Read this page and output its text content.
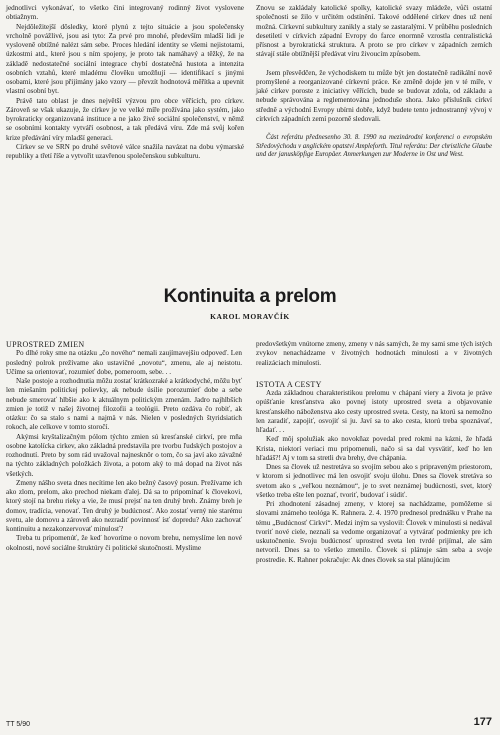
jednotlivci vykonávať, to všetko čini integrovaný rodinný život vyslovene obtiažnym.

Nejdôležitejší dôsledky, ktoré plynú z tejto situácie a jsou společensky vrcholně povážlivé, jsou asi tyto: Za prvé pro mnohé, především mladší lidi je vysloveně obtížné nalézt sám sebe. Proces hledání identity se všemi nejistotami, úzkostmi atd., které jsou s ním spojeny, je proto tak namáhavý a těžký, že na základě nedostatečné sociální integrace chybí dostatečná hustota a intenzita osobních vztahů, které mladému člověku umožňují — identifikací s jinými osobami, které jsou přijímány jako vzory — převzít hodnotová měřítka a upevnit vlastní osobní byt.

Právě tato oblast je dnes největší výzvou pro obce věřících, pro církev. Zároveň se však ukazuje, že církev je ve velké míře prožívána jako systém, jako byrokraticky organizovaná instituce a ne jako živé sociální společenství, v němž se osobními kontakty vytváří osobnost, a tak předává víru. Zde má svůj kořen krize předávání víry mladší generaci.

Církev se ve SRN po druhé světové válce snažila navázat na dobu výmarské republiky a třetí říše a vytvořit uzavřenou společenskou subkulturu.

Znovu se zakládaly katolické spolky, katolické svazy mládeže, vůči ostatní společnosti se žilo v určitém odstínění. Takové oddělené církev dnes už není možná. Církevní subkultury zanikly a staly se zastaralými. V průběhu posledních desetiletí v církvích západní Evropy do farce enormně vzrostla centralistická přísnost a byrokratická struktura. A proto se pro církev v západních zemích stávají stále obtížnější předávat víru živoucím způsobem.

Jsem přesvědčen, že východiskem tu může být jen dostatečně radikální nově promyšlené a reorganizované církevní práce. Ke změně dojde jen v té míře, v jaké církev poroste z iniciativy věřících, bude se budovat zdola, od základu a nebude správována a reglementována jednoduše shora. Jako příslušník církví středně a východní Evropy ubírni dobře, když budete tento jednostranný vývoj v církvích západních zemí pozorně sledovali.

Část referátu přednesenho 30. 8. 1990 na mezinárodní konferenci o evropském Středovýchodu v anglickém opatství Ampleforth. Titul referátu: Der christliche Glaube und der janusköpfige Europäer. Anmerkungen zur Moderne in Ost und West.

Kontinuita a prelom
KAROL MORAVČÍK

UPROSTRED ZMIEN

Po dlhé roky sme na otázku „čo nového“ nemali zaujímavejšiu odpoveď. Len posledný polrok prežívame ako ustavičné „novotu“, zmenu, ale aj neistotu. Učíme sa orientovať, rozumieť dobe, pomeroom, sebe. . .

Naše postoje a rozhodnutia môžu zostať krátkozraké a krátkodyché, môžu byť len miešaním politickej polievky, ak nebude úsilie porozumieť dobe a sebe nebude smerovať hlbšie ako k aktuálnym politickým zmenám. Jadro najhlbších zmien je totiž v našej životnej filozofii a teológii. Preto ozdáva čo robiť, ak otázku: čo sa stalo s nami a najmä v nás. Nielen v posledných štyridsiatich rokoch, ale celkove v tomto storočí.

Akýmsi kryštalizačným pólom týchto zmien sú kresťanské cirkví, pre mňa osobne katolícka cirkev, ako základná predstavila pre tvorbu ľudských postojov a rozhodnutí. Preto by som rád uvažoval najnesknôr o tom, čo sa javí ako závažné na týchto základných položkách života, a potom aký to má dopad na život nás všetkých.

Zmeny nášho sveta dnes necítime len ako bežný časový posun. Prežívame ich ako zlom, prelom, ako prechod niekam ďalej. Dá sa to pripomínať k človekovi, ktorý stojí na brehu rieky a vie, že musí prejsť na ten druhý breh. Známy breh je domov, tradícia, venovať. Ten druhý je budúcnosť. Ako zostať verný nie starému svetu, ale domovu a zároveň ako nezradiť povinnosť ísť dopredu? Ako zachovať kontinuitu a nezakonzervovať minulosť?

Treba tu pripomenúť, že keď hovoríme o novom brehu, nemyslíme len nové okolnosti, nové sociálne štruktúry či politické skutočnosti. Myslíme

predovšetkým vnútorne zmeny, zmeny v nás samých, že my sami sme tých istých zvykov nenachádzame v životných hodnotách minulosti a v životných realizáciach minulosti.

ISTOTA A CESTY

Azda základnou charakteristikou prelomu v chápaní viery a života je práve opúšťanie kresťanstva ako povnej istoty uprostred sveta a objavovanie kresťanského náboženstva ako cesty uprostred sveta. Cesty, na ktorú sa nemožno len zaradiť, zapojiť, osvojiť si ju. Javí sa to ako cesta, ktorú treba spoznávať, hľadať. . .

Keď môj spolužiak ako novokňaz povedal pred rokmi na kázni, že hľadá Krista, niektorí veriaci mu pripomenuli, načo si sa dal vysvätiť, keď ho len hľadáš?! Aj v tom sa stretli dva brehy, dve chápania.

Dnes sa človek už nestretáva so svojím sebou ako s pripraveným priestorom, v ktorom si jednotlivec má len osvojiť svoju úlohu. Dnes sa človek stretáva so svetom ako s „veľkou neznámou“, je to svet neznámej budúcnosti, svet, ktorý všetko treba ešte len poznať, tvoriť, budovať i súdiť.

Pri zhodnotení zásadnej zmeny, v ktorej sa nachádzame, pomôžeme si slovami známeho teológa K. Rahnera. 2. 4. 1970 prednesol prednášku v Prahe na tému „Budúcnosť Cirkví“. Medzi iným sa vyslovil: Človek v minulosti si nedával tvoriť nové ciele, neznalí sa vedome organizovať a vytvárať podmienky pre ich uskutočnenie. Svoju budúcnosť uprostred sveta len tvrdé prijímal, ale sám netvoril. Dnes sa to všetko zmenilo. Človek si plánuje sám seba a svoje prostredie. K. Rahner pokračuje: Ak dnes človek sa stal plánujúcim

TT 5/90	177
